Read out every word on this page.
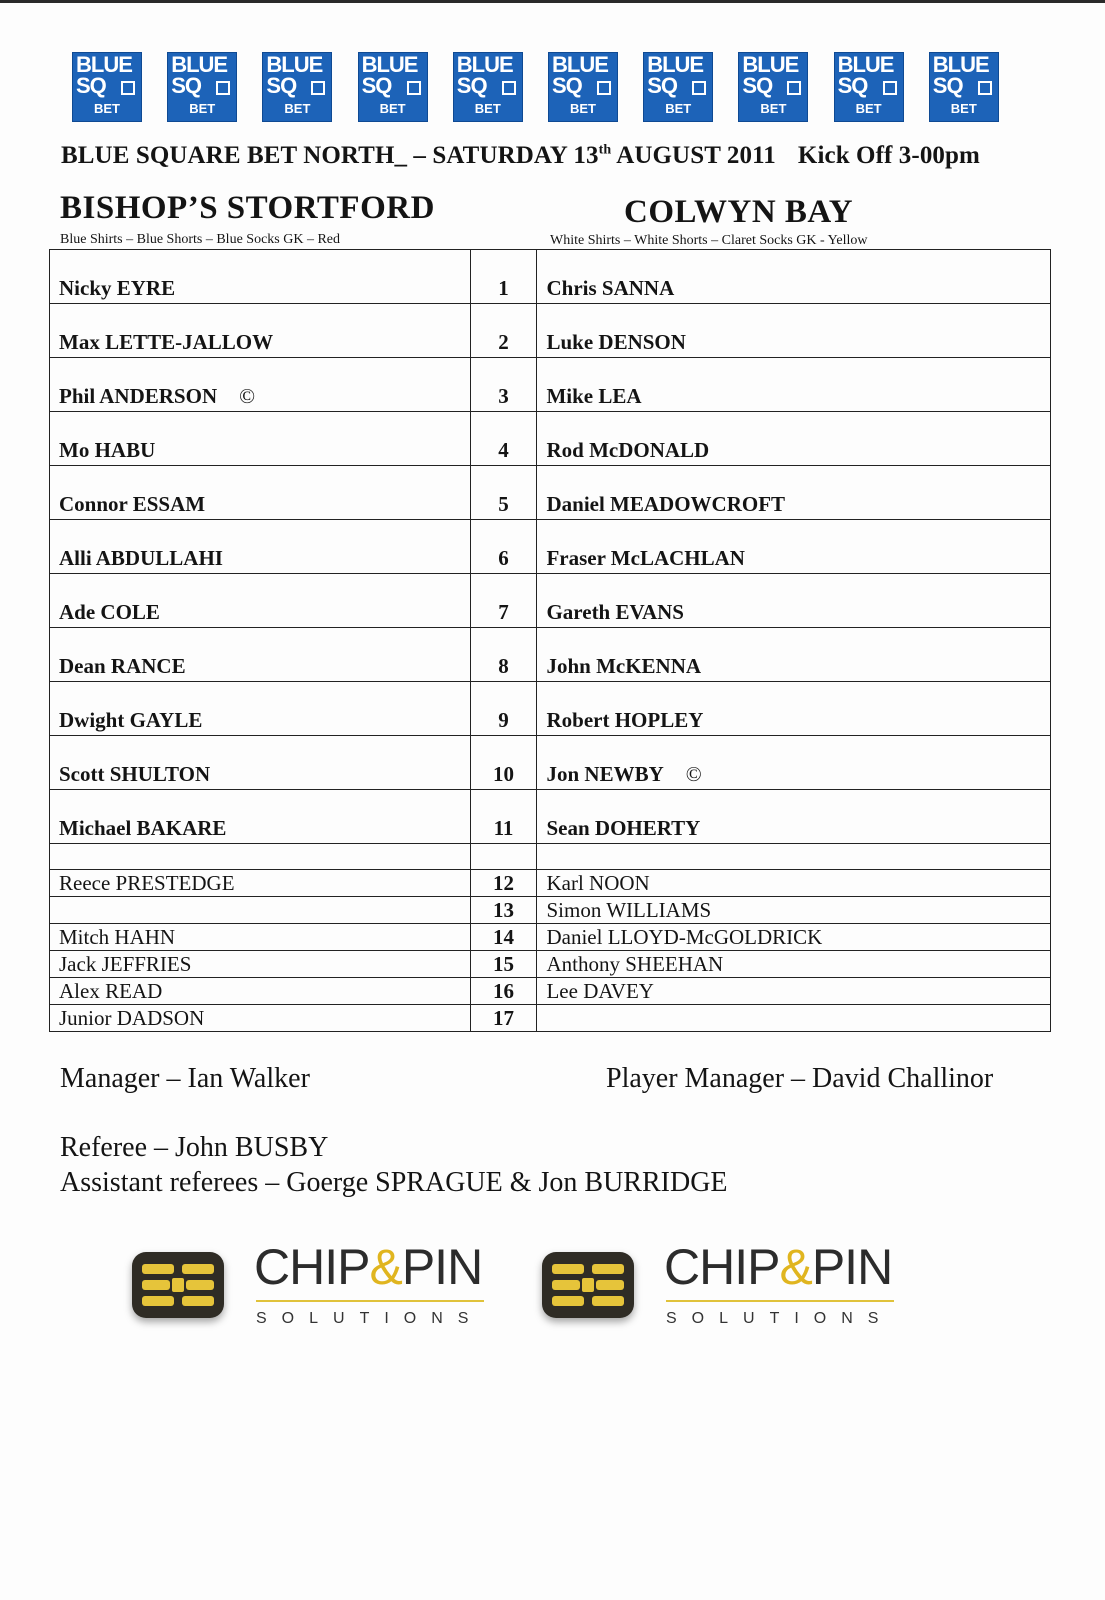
BLUE
SQ
BET
BLUE
SQ
BET
BLUE
SQ
BET
BLUE
SQ
BET
BLUE
SQ
BET
BLUE
SQ
BET
BLUE
SQ
BET
BLUE
SQ
BET
BLUE
SQ
BET
BLUE
SQ
BET
BLUE SQUARE BET NORTH_ – SATURDAY 13th AUGUST 2011 Kick Off 3-00pm
BISHOP’S STORTFORD
Blue Shirts – Blue Shorts – Blue Socks GK – Red
COLWYN BAY
White Shirts – White Shorts – Claret Socks GK - Yellow
Nicky EYRE	1	Chris SANNA
Max LETTE-JALLOW	2	Luke DENSON
Phil ANDERSON ©	3	Mike LEA
Mo HABU	4	Rod McDONALD
Connor ESSAM	5	Daniel MEADOWCROFT
Alli ABDULLAHI	6	Fraser McLACHLAN
Ade COLE	7	Gareth EVANS
Dean RANCE	8	John McKENNA
Dwight GAYLE	9	Robert HOPLEY
Scott SHULTON	10	Jon NEWBY ©
Michael BAKARE	11	Sean DOHERTY

Reece PRESTEDGE	12	Karl NOON
	13	Simon WILLIAMS
Mitch HAHN	14	Daniel LLOYD-McGOLDRICK
Jack JEFFRIES	15	Anthony SHEEHAN
Alex READ	16	Lee DAVEY
Junior DADSON	17	
Manager – Ian Walker	Player Manager – David Challinor
Referee – John BUSBY
Assistant referees – Goerge SPRAGUE & Jon BURRIDGE
CHIP&PIN
SOLUTIONS
CHIP&PIN
SOLUTIONS
